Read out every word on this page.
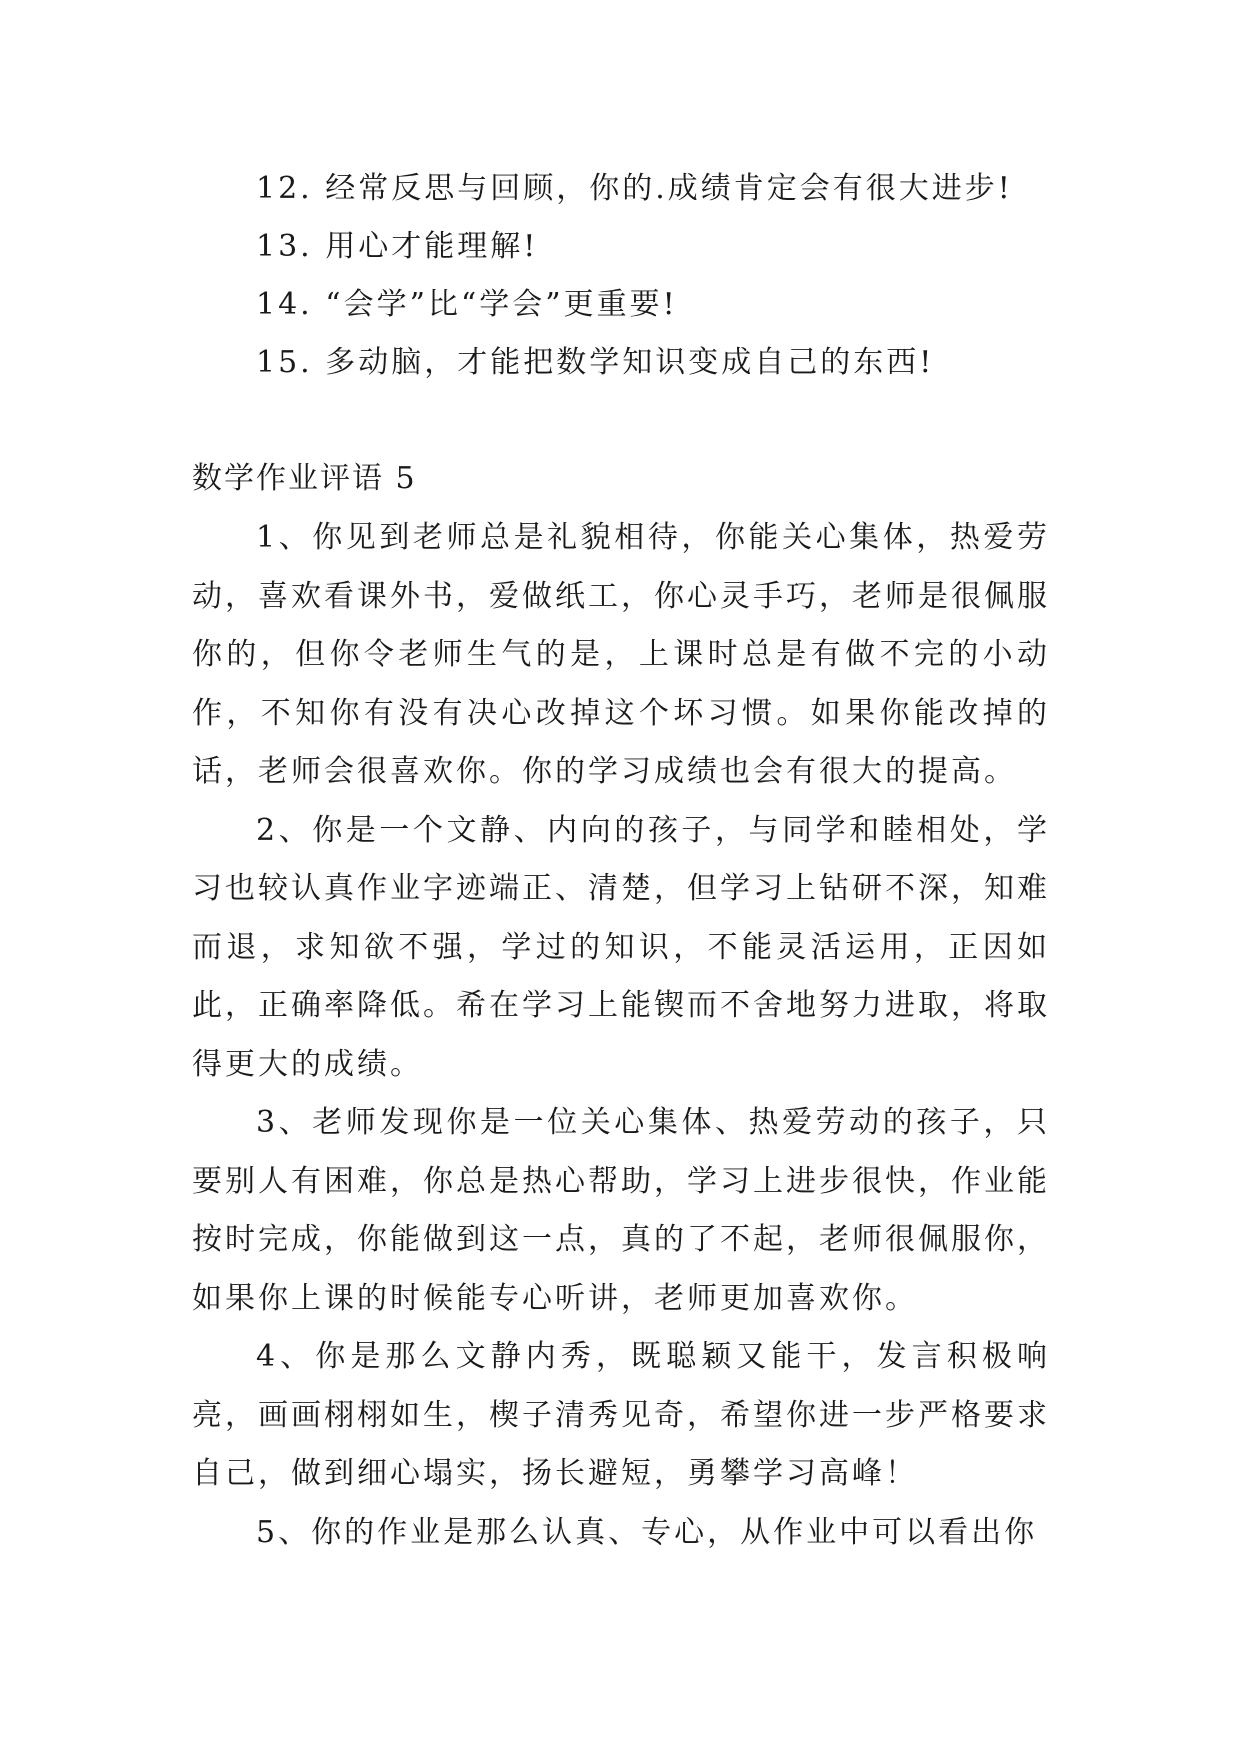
12. 经常反思与回顾，你的.成绩肯定会有很大进步!
13. 用心才能理解!
14. “会学”比“学会”更重要!
15. 多动脑，才能把数学知识变成自己的东西!
数学作业评语 5

1、你见到老师总是礼貌相待，你能关心集体，热爱劳动，喜欢看课外书，爱做纸工，你心灵手巧，老师是很佩服你的，但你令老师生气的是，上课时总是有做不完的小动作，不知你有没有决心改掉这个坏习惯。如果你能改掉的话，老师会很喜欢你。你的学习成绩也会有很大的提高。

2、你是一个文静、内向的孩子，与同学和睦相处，学习也较认真作业字迹端正、清楚，但学习上钻研不深，知难而退，求知欲不强，学过的知识，不能灵活运用，正因如此，正确率降低。希在学习上能锲而不舍地努力进取，将取得更大的成绩。

3、老师发现你是一位关心集体、热爱劳动的孩子，只要别人有困难，你总是热心帮助，学习上进步很快，作业能按时完成，你能做到这一点，真的了不起，老师很佩服你，如果你上课的时候能专心听讲，老师更加喜欢你。

4、你是那么文静内秀，既聪颖又能干，发言积极响亮，画画栩栩如生，楔子清秀见奇，希望你进一步严格要求自己，做到细心塌实，扬长避短，勇攀学习高峰！

5、你的作业是那么认真、专心，从作业中可以看出你
